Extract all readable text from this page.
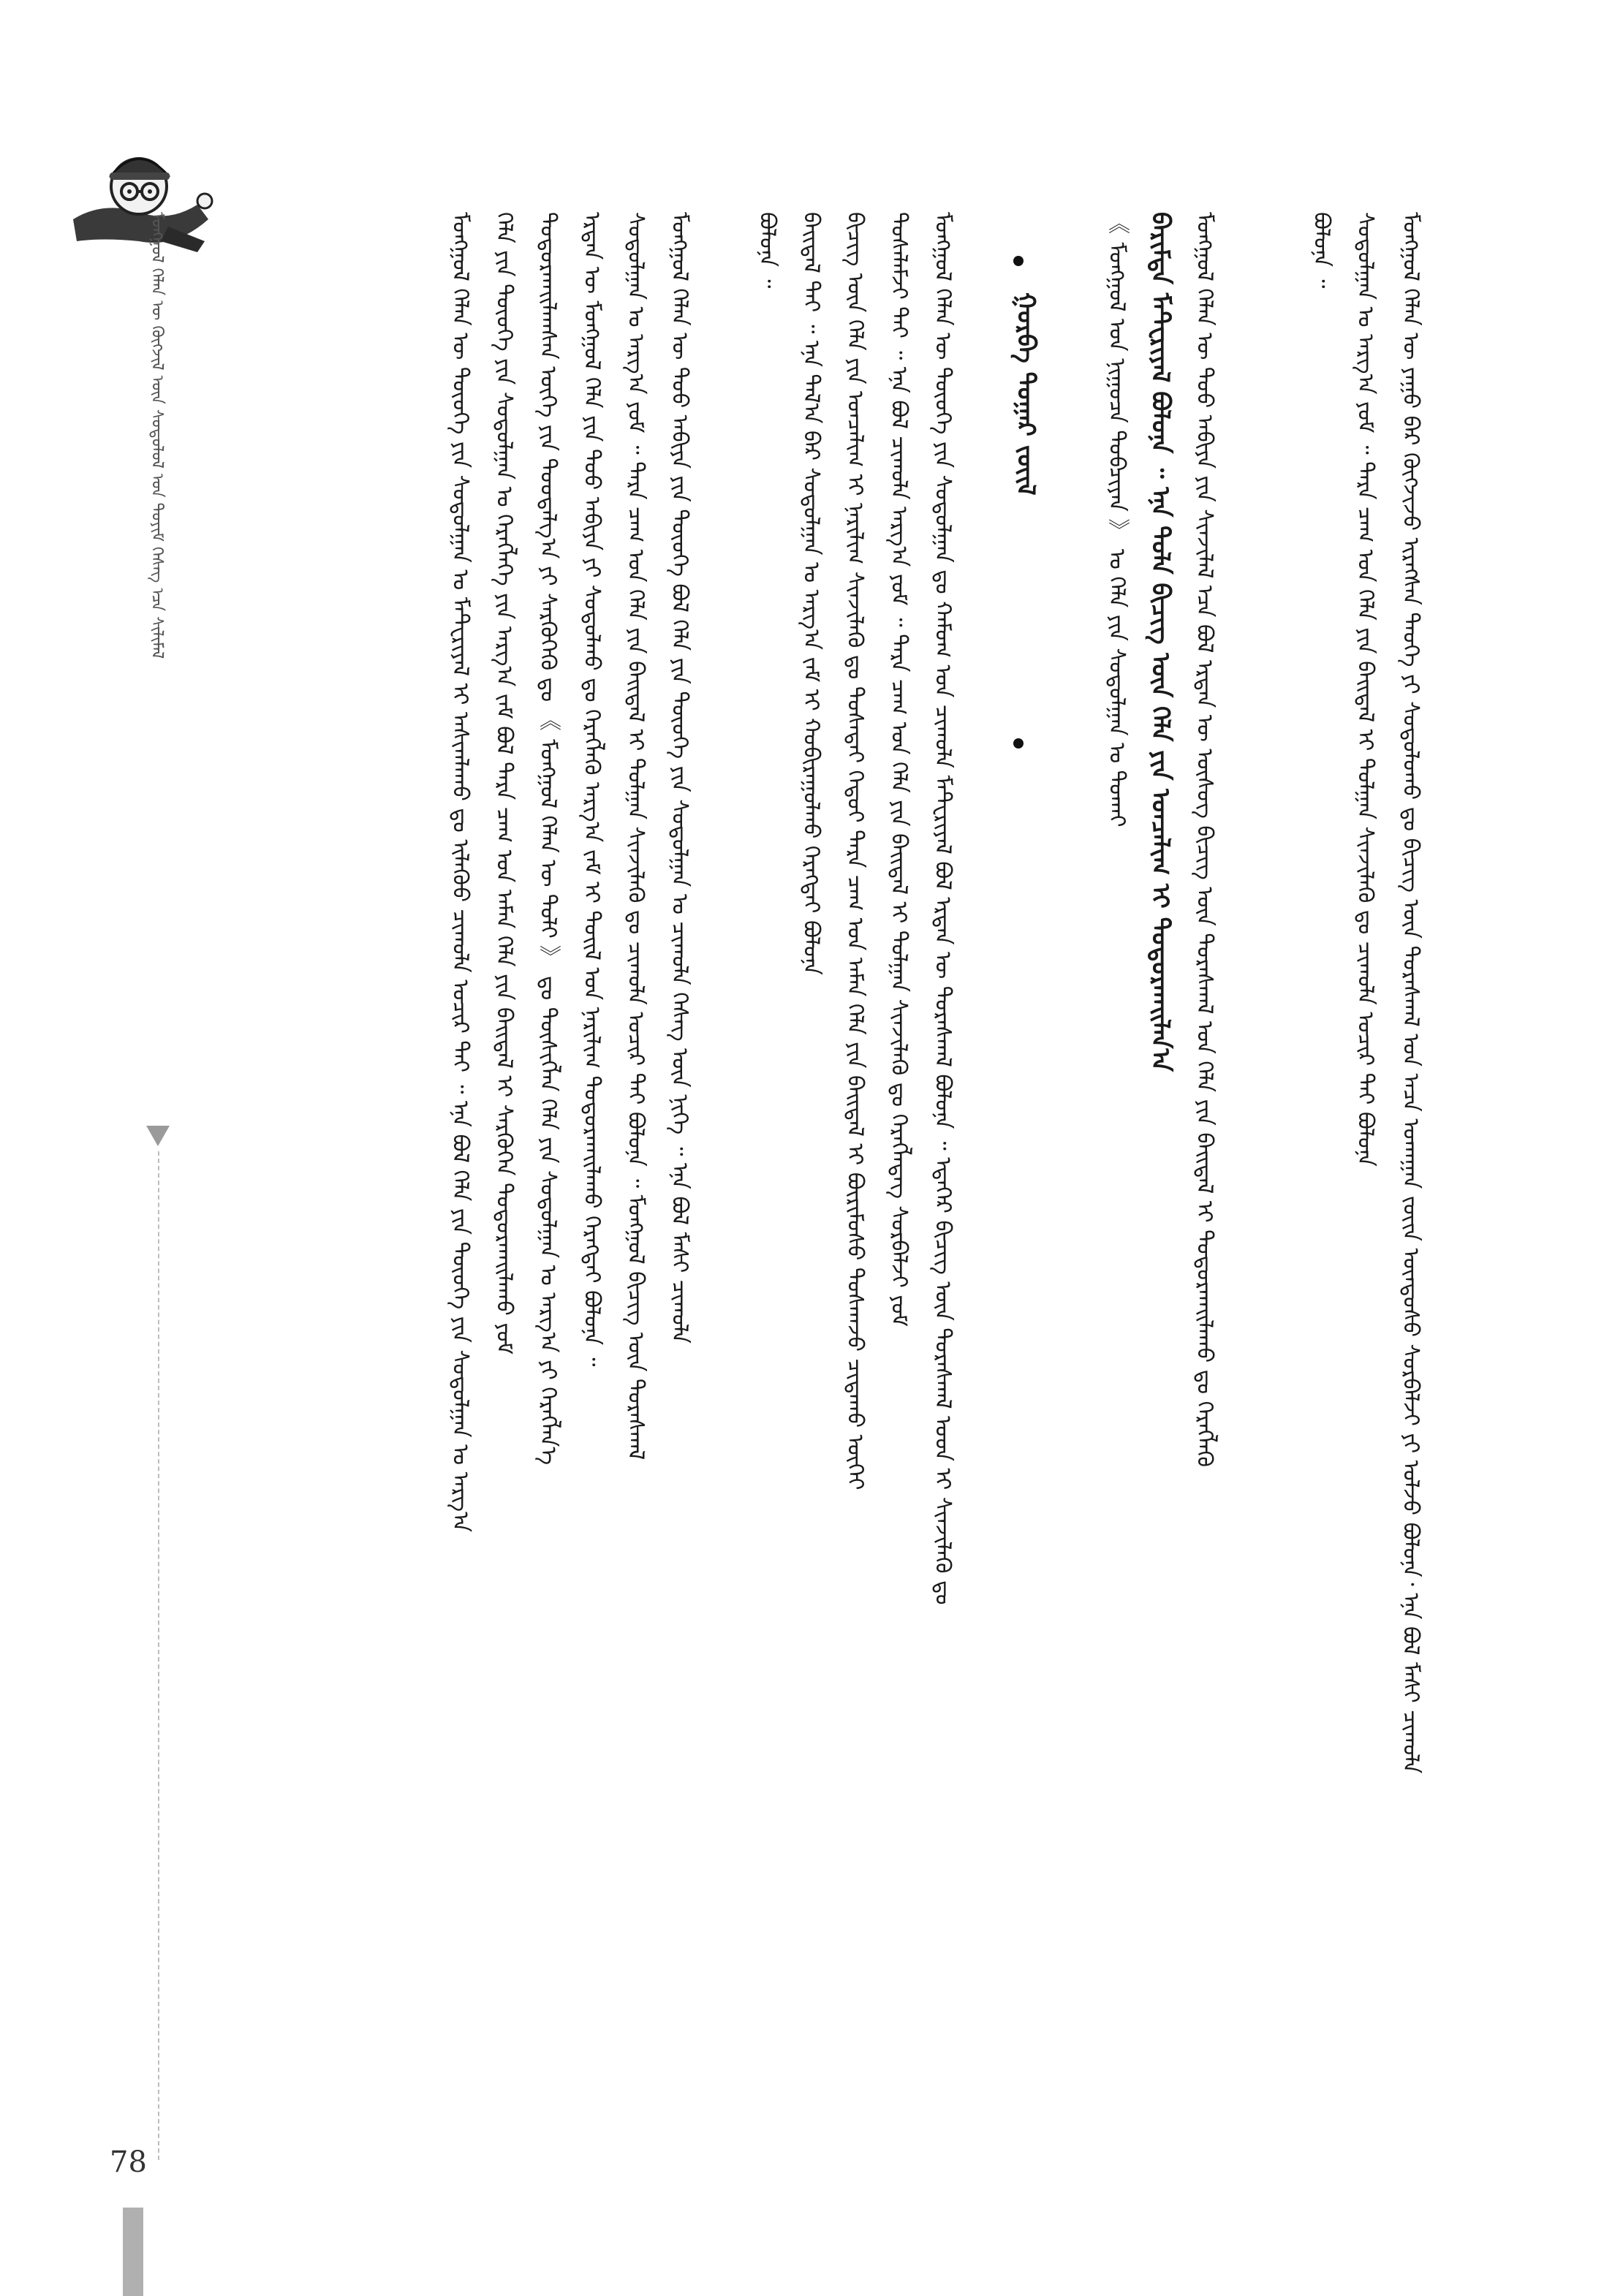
ᠮᠣᠩᠭᠣᠯ ᠬᠡᠯᠡᠨ ᠦ ᠬᠥᠭᠵᠢᠯ ᠦᠨ ᠰᠤᠳᠤᠯᠤᠯ ᠤᠨ ᠲᠤᠶᠢᠮ ᠬᠡᠰᠡᠭ ᠡᠴᠡ ᠰᠢᠯᠢᠮᠡᠯ	ᠮᠣᠩᠭᠣᠯ ᠬᠡᠯᠡᠨ ᠦ ᠶᠠᠭᠤ ᠪᠠᠷ ᠬᠥᠭᠵᠢᠵᠦ ᠢᠷᠡᠭᠰᠡᠨ ᠲᠡᠦᠬᠡ ᠶᠢ ᠰᠤᠳᠤᠯᠤᠬᠤ ᠳᠤ ᠪᠢᠴᠢᠭ ᠦᠨ ᠳᠤᠷᠠᠰᠬᠠᠯ ᠤᠨ ᠠᠴᠠ ᠤᠬᠠᠭᠠᠨ ᠵᠦᠢᠨ ᠦᠨᠳᠦᠰᠦ ᠰᠤᠷᠪᠠᠯᠵᠢ ᠶᠢ ᠣᠯᠵᠤ ᠪᠣᠯᠤᠨᠠ᠂ ᠡᠨᠡ ᠪᠣᠯ ᠮᠠᠰᠢ ᠴᠢᠬᠤᠯᠠ
ᠰᠤᠳᠤᠯᠭᠠᠨ ᠤ ᠠᠷᠭ᠎ᠠ ᠶᠤᠮ ᠃ ᠲᠡᠷᠡ ᠴᠠᠭ ᠤᠨ ᠬᠡᠯᠡ ᠶᠢᠨ ᠪᠠᠢᠳᠠᠯ ᠢ ᠲᠤᠯᠭᠠᠨ ᠰᠢᠨᠵᠢᠯᠡᠬᠦ ᠳᠤ ᠴᠢᠬᠤᠯᠠ ᠤᠴᠢᠷ ᠲᠠᠢ ᠪᠣᠯᠤᠨᠠ
ᠪᠣᠯᠤᠨᠠ ᠃
ᠮᠣᠩᠭᠣᠯ ᠬᠡᠯᠡᠨ ᠦ ᠳᠤᠤ ᠠᠪᠢᠶᠠ ᠶᠢᠨ ᠰᠢᠨᠵᠢᠯᠡᠯ ᠡᠴᠡ ᠪᠣᠯ ᠡᠷᠲᠡᠨ ᠦ ᠦᠰᠦᠭ ᠪᠢᠴᠢᠭ ᠦᠨ ᠳᠤᠷᠠᠰᠬᠠᠯ ᠤᠨ ᠬᠡᠯᠡ ᠶᠢᠨ ᠪᠠᠢᠳᠠᠯ ᠢ ᠲᠣᠳᠤᠷᠬᠠᠢᠯᠠᠬᠤ ᠳᠤ ᠬᠡᠷᠡᠭᠯᠡᠬᠦ
ᠪᠠᠷᠢᠮᠲᠠ ᠮᠠᠲᠸᠷᠢᠶᠠᠯ ᠪᠣᠯᠤᠨᠠ ᠃ ᠡᠨᠡ ᠲᠤᠯᠠ ᠪᠢᠴᠢᠭ ᠦᠨ ᠬᠡᠯᠡ ᠶᠢᠨ ᠣᠨᠴᠠᠯᠢᠭ ᠢ ᠲᠣᠳᠤᠷᠬᠠᠢᠯᠠᠨ᠎ᠠ
《 ᠮᠣᠩᠭᠣᠯ ᠤᠨ ᠨᠢᠭᠤᠴᠠ ᠲᠣᠪᠴᠢᠶᠠᠨ 》 ᠤ ᠬᠡᠯᠡ ᠶᠢᠨ ᠰᠤᠳᠤᠯᠭᠠᠨ ᠤ ᠲᠤᠬᠠᠢ
ᠭᠤᠷᠪᠠ ᠳᠤᠭᠠᠷ ᠵᠦᠢᠯ
ᠮᠣᠩᠭᠣᠯ ᠬᠡᠯᠡᠨ ᠦ ᠲᠦᠦᠬᠡ ᠶᠢᠨ ᠰᠤᠳᠤᠯᠭᠠᠨ ᠳᠤ ᠬᠠᠮᠤᠭ ᠤᠨ ᠴᠢᠬᠤᠯᠠ ᠮᠠᠲᠸᠷᠢᠶᠠᠯ ᠪᠣᠯ ᠡᠷᠲᠡᠨ ᠦ ᠳᠤᠷᠠᠰᠬᠠᠯ ᠪᠣᠯᠤᠨᠠ ᠃ ᠡᠳᠡᠭᠡᠷ ᠪᠢᠴᠢᠭ ᠦᠨ ᠳᠤᠷᠠᠰᠬᠠᠯ ᠤᠳ ᠢ ᠰᠢᠨᠵᠢᠯᠡᠬᠦ ᠳᠤ
ᠲᠤᠰᠠᠯᠠᠮᠵᠢ ᠲᠠᠢ ᠃ ᠡᠨᠡ ᠪᠣᠯ ᠴᠢᠬᠤᠯᠠ ᠠᠷᠭ᠎ᠠ ᠶᠤᠮ ᠃ ᠲᠡᠷᠡ ᠴᠠᠭ ᠤᠨ ᠬᠡᠯᠡ ᠶᠢᠨ ᠪᠠᠢᠳᠠᠯ ᠢ ᠲᠤᠯᠭᠠᠨ ᠰᠢᠨᠵᠢᠯᠡᠬᠦ ᠳᠤ ᠬᠡᠷᠡᠭᠯᠡᠳᠡᠭ ᠰᠤᠷᠪᠠᠯᠵᠢ ᠶᠤᠮ
ᠪᠢᠴᠢᠭ ᠦᠨ ᠬᠡᠯᠡ ᠶᠢᠨ ᠣᠨᠴᠠᠯᠢᠭ ᠢ ᠨᠠᠷᠢᠯᠢᠭ ᠰᠢᠨᠵᠢᠯᠡᠬᠦ ᠳᠤ ᠲᠤᠰᠠᠲᠠᠢ ᠬᠡᠳᠦᠢ ᠲᠡᠷᠡ ᠴᠠᠭ ᠤᠨ ᠠᠮᠠᠨ ᠬᠡᠯᠡ ᠶᠢᠨ ᠪᠠᠢᠳᠠᠯ ᠢ ᠪᠦᠷᠢᠮᠦᠰᠦ ᠲᠤᠰᠬᠠᠵᠤ ᠴᠢᠳᠠᠬᠤ ᠦᠭᠡᠢ
ᠪᠠᠢᠳᠠᠯ ᠲᠠᠢ ᠃ ᠡᠨᠡ ᠲᠠᠯ᠎ᠠ ᠪᠠᠷ ᠰᠤᠳᠤᠯᠭᠠᠨ ᠤ ᠠᠷᠭ᠎ᠠ ᠵᠠᠮ ᠢ ᠬᠤᠪᠢᠷᠠᠭᠤᠯᠬᠤ ᠬᠡᠷᠡᠭᠲᠡᠢ ᠪᠣᠯᠤᠨᠠ
ᠪᠣᠯᠤᠨᠠ ᠃
ᠮᠣᠩᠭᠣᠯ ᠬᠡᠯᠡᠨ ᠦ ᠳᠤᠤ ᠠᠪᠢᠶᠠ ᠶᠢᠨ ᠲᠦᠦᠬᠡ ᠪᠣᠯ ᠬᠡᠯᠡ ᠶᠢᠨ ᠲᠦᠦᠬᠡ ᠶᠢᠨ ᠰᠤᠳᠤᠯᠭᠠᠨ ᠤ ᠴᠢᠬᠤᠯᠠ ᠬᠡᠰᠡᠭ ᠦᠨ ᠨᠢᠭᠡ ᠃ ᠡᠨᠡ ᠪᠣᠯ ᠮᠠᠰᠢ ᠴᠢᠬᠤᠯᠠ
ᠰᠤᠳᠤᠯᠭᠠᠨ ᠤ ᠠᠷᠭ᠎ᠠ ᠶᠤᠮ ᠃ ᠲᠡᠷᠡ ᠴᠠᠭ ᠤᠨ ᠬᠡᠯᠡ ᠶᠢᠨ ᠪᠠᠢᠳᠠᠯ ᠢ ᠲᠤᠯᠭᠠᠨ ᠰᠢᠨᠵᠢᠯᠡᠬᠦ ᠳᠤ ᠴᠢᠬᠤᠯᠠ ᠤᠴᠢᠷ ᠲᠠᠢ ᠪᠣᠯᠤᠨᠠ ᠃ ᠮᠣᠩᠭᠣᠯ ᠪᠢᠴᠢᠭ ᠦᠨ ᠳᠤᠷᠠᠰᠬᠠᠯ
ᠡᠷᠲᠡᠨ ᠦ ᠮᠣᠩᠭᠣᠯ ᠬᠡᠯᠡ ᠶᠢᠨ ᠳᠤᠤ ᠠᠪᠢᠶᠠ ᠶᠢ ᠰᠤᠳᠤᠯᠬᠤ ᠳᠤ ᠬᠡᠷᠡᠭᠯᠡᠬᠦ ᠠᠷᠭ᠎ᠠ ᠵᠠᠮ ᠢ ᠲᠤᠢᠯ ᠤᠨ ᠨᠠᠷᠢᠯᠢᠭ ᠲᠣᠳᠤᠷᠬᠠᠢᠯᠠᠬᠤ ᠬᠡᠷᠡᠭᠲᠡᠢ ᠪᠣᠯᠤᠨᠠ ᠃
ᠲᠣᠳᠤᠷᠬᠠᠢᠯᠠᠭᠰᠠᠨ ᠦᠭᠡ ᠶᠢᠨ ᠳᠤᠤᠳᠠᠯᠭ᠎ᠠ ᠶᠢ ᠰᠡᠷᠭᠦᠭᠡᠬᠦ ᠳᠤ 《 ᠮᠣᠩᠭᠣᠯ ᠬᠡᠯᠡᠨ ᠦ ᠲᠤᠯᠢ 》 ᠳᠤ ᠲᠦᠰᠢᠭᠯᠡᠨ ᠬᠡᠯᠡ ᠶᠢᠨ ᠰᠤᠳᠤᠯᠭᠠᠨ ᠤ ᠠᠷᠭ᠎ᠠ ᠶᠢ ᠬᠡᠷᠡᠭᠯᠡᠨ᠎ᠡ
ᠬᠡᠯᠡ ᠶᠢᠨ ᠲᠦᠦᠬᠡ ᠶᠢᠨ ᠰᠤᠳᠤᠯᠭᠠᠨ ᠤ ᠬᠡᠷᠡᠭᠯᠡᠭᠡ ᠶᠢᠨ ᠠᠷᠭ᠎ᠠ ᠵᠠᠮ ᠪᠣᠯ ᠲᠡᠷᠡ ᠴᠠᠭ ᠤᠨ ᠠᠮᠠᠨ ᠬᠡᠯᠡ ᠶᠢᠨ ᠪᠠᠢᠳᠠᠯ ᠢ ᠰᠡᠷᠭᠦᠭᠡᠨ ᠲᠣᠳᠤᠷᠬᠠᠢᠯᠠᠬᠤ ᠶᠤᠮ
ᠮᠣᠩᠭᠣᠯ ᠬᠡᠯᠡᠨ ᠦ ᠲᠦᠦᠬᠡ ᠶᠢᠨ ᠰᠤᠳᠤᠯᠭᠠᠨ ᠤ ᠮᠠᠲᠸᠷᠢᠶᠠᠯ ᠢ ᠠᠰᠢᠭᠯᠠᠬᠤ ᠳᠤ ᠢᠯᠡᠭᠦᠦ ᠴᠢᠬᠤᠯᠠ ᠤᠴᠢᠷ ᠲᠠᠢ ᠃ ᠡᠨᠡ ᠪᠣᠯ ᠬᠡᠯᠡ ᠶᠢᠨ ᠲᠦᠦᠬᠡ ᠶᠢᠨ ᠰᠤᠳᠤᠯᠭᠠᠨ ᠤ ᠠᠷᠭ᠎ᠠ
78
